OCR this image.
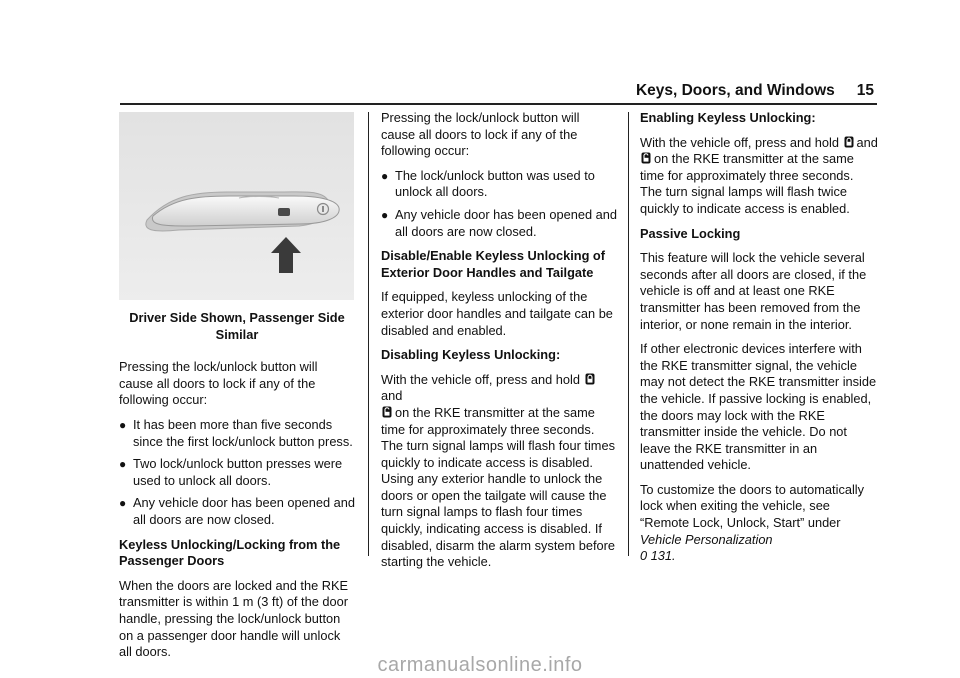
Keys, Doors, and Windows 15
Driver Side Shown, Passenger Side Similar

Pressing the lock/unlock button will cause all doors to lock if any of the following occur:

● It has been more than five seconds since the first lock/unlock button press.
● Two lock/unlock button presses were used to unlock all doors.
● Any vehicle door has been opened and all doors are now closed.

Keyless Unlocking/Locking from the Passenger Doors

When the doors are locked and the RKE transmitter is within 1 m (3 ft) of the door handle, pressing the lock/unlock button on a passenger door handle will unlock all doors.

Pressing the lock/unlock button will cause all doors to lock if any of the following occur:

● The lock/unlock button was used to unlock all doors.
● Any vehicle door has been opened and all doors are now closed.

Disable/Enable Keyless Unlocking of Exterior Door Handles and Tailgate

If equipped, keyless unlocking of the exterior door handles and tailgate can be disabled and enabled.

Disabling Keyless Unlocking:

With the vehicle off, press and hold and
on the RKE transmitter at the same time for approximately three seconds. The turn signal lamps will flash four times quickly to indicate access is disabled. Using any exterior handle to unlock the doors or open the tailgate will cause the turn signal lamps to flash four times quickly, indicating access is disabled. If disabled, disarm the alarm system before starting the vehicle.

Enabling Keyless Unlocking:

With the vehicle off, press and hold and
on the RKE transmitter at the same time for approximately three seconds. The turn signal lamps will flash twice quickly to indicate access is enabled.

Passive Locking

This feature will lock the vehicle several seconds after all doors are closed, if the vehicle is off and at least one RKE transmitter has been removed from the interior, or none remain in the interior.

If other electronic devices interfere with the RKE transmitter signal, the vehicle may not detect the RKE transmitter inside the vehicle. If passive locking is enabled, the doors may lock with the RKE transmitter inside the vehicle. Do not leave the RKE transmitter in an unattended vehicle.

To customize the doors to automatically lock when exiting the vehicle, see “Remote Lock, Unlock, Start” under Vehicle Personalization
0 131.

carmanualsonline.info
